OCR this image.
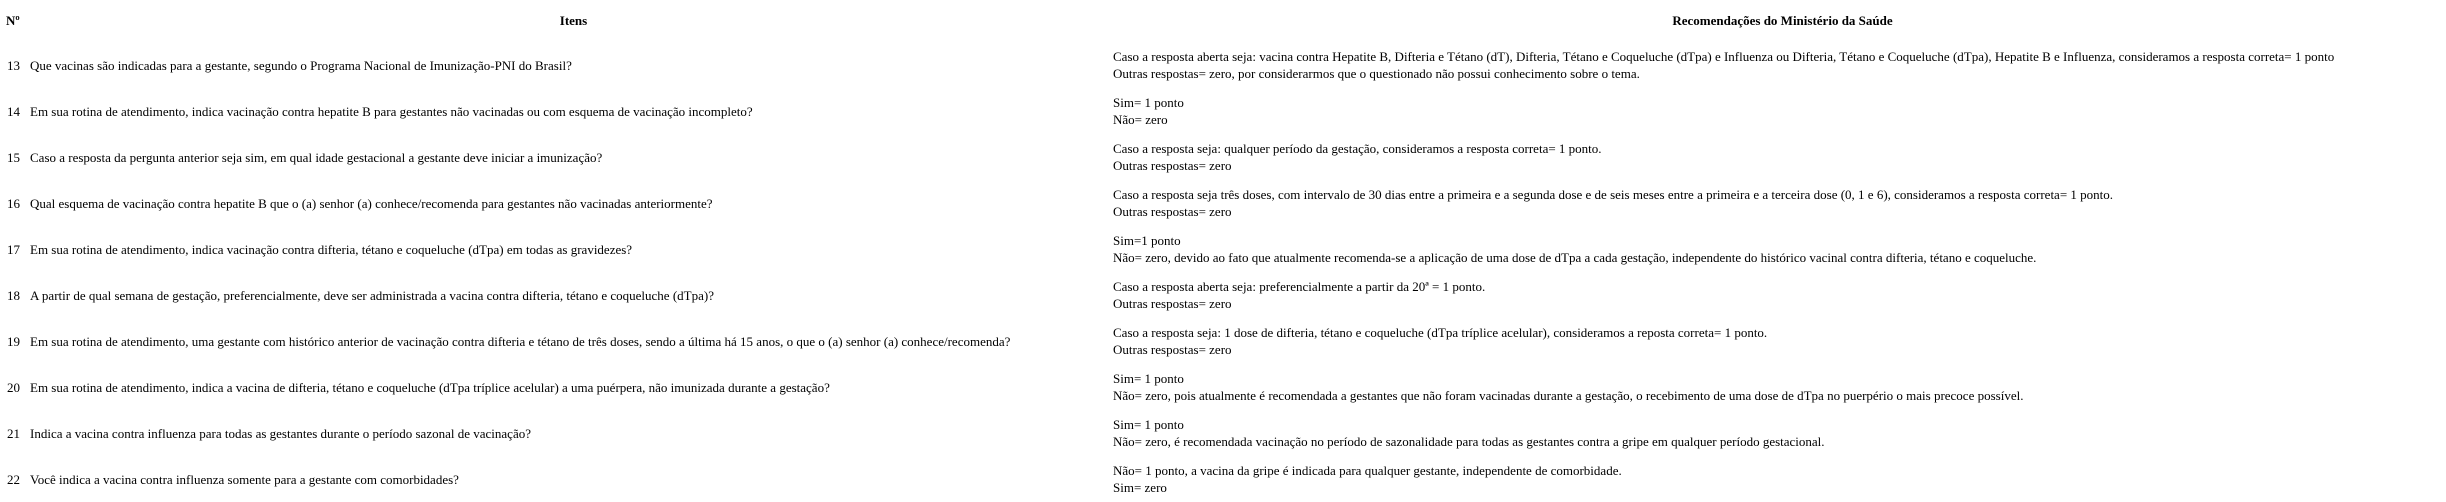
Nº	Itens	Recomendações do Ministério da Saúde
13	Que vacinas são indicadas para a gestante, segundo o Programa Nacional de Imunização-PNI do Brasil?	Caso a resposta aberta seja: vacina contra Hepatite B, Difteria e Tétano (dT), Difteria, Tétano e Coqueluche (dTpa) e Influenza ou Difteria, Tétano e Coqueluche (dTpa), Hepatite B e Influenza, consideramos a resposta correta= 1 ponto
Outras respostas= zero, por considerarmos que o questionado não possui conhecimento sobre o tema.

14	Em sua rotina de atendimento, indica vacinação contra hepatite B para gestantes não vacinadas ou com esquema de vacinação incompleto?	Sim= 1 ponto
Não= zero

15	Caso a resposta da pergunta anterior seja sim, em qual idade gestacional a gestante deve iniciar a imunização?	Caso a resposta seja: qualquer período da gestação, consideramos a resposta correta= 1 ponto.
Outras respostas= zero

16	Qual esquema de vacinação contra hepatite B que o (a) senhor (a) conhece/recomenda para gestantes não vacinadas anteriormente?	Caso a resposta seja três doses, com intervalo de 30 dias entre a primeira e a segunda dose e de seis meses entre a primeira e a terceira dose (0, 1 e 6), consideramos a resposta correta= 1 ponto.
Outras respostas= zero

17	Em sua rotina de atendimento, indica vacinação contra difteria, tétano e coqueluche (dTpa) em todas as gravidezes?	Sim=1 ponto
Não= zero, devido ao fato que atualmente recomenda-se a aplicação de uma dose de dTpa a cada gestação, independente do histórico vacinal contra difteria, tétano e coqueluche.

18	A partir de qual semana de gestação, preferencialmente, deve ser administrada a vacina contra difteria, tétano e coqueluche (dTpa)?	Caso a resposta aberta seja: preferencialmente a partir da 20ª = 1 ponto.
Outras respostas= zero

19	Em sua rotina de atendimento, uma gestante com histórico anterior de vacinação contra difteria e tétano de três doses, sendo a última há 15 anos, o que o (a) senhor (a) conhece/recomenda?	Caso a resposta seja: 1 dose de difteria, tétano e coqueluche (dTpa tríplice acelular), consideramos a reposta correta= 1 ponto.
Outras respostas= zero

20	Em sua rotina de atendimento, indica a vacina de difteria, tétano e coqueluche (dTpa tríplice acelular) a uma puérpera, não imunizada durante a gestação?	Sim= 1 ponto
Não= zero, pois atualmente é recomendada a gestantes que não foram vacinadas durante a gestação, o recebimento de uma dose de dTpa no puerpério o mais precoce possível.

21	Indica a vacina contra influenza para todas as gestantes durante o período sazonal de vacinação?	Sim= 1 ponto
Não= zero, é recomendada vacinação no período de sazonalidade para todas as gestantes contra a gripe em qualquer período gestacional.

22	Você indica a vacina contra influenza somente para a gestante com comorbidades?	Não= 1 ponto, a vacina da gripe é indicada para qualquer gestante, independente de comorbidade.
Sim= zero
